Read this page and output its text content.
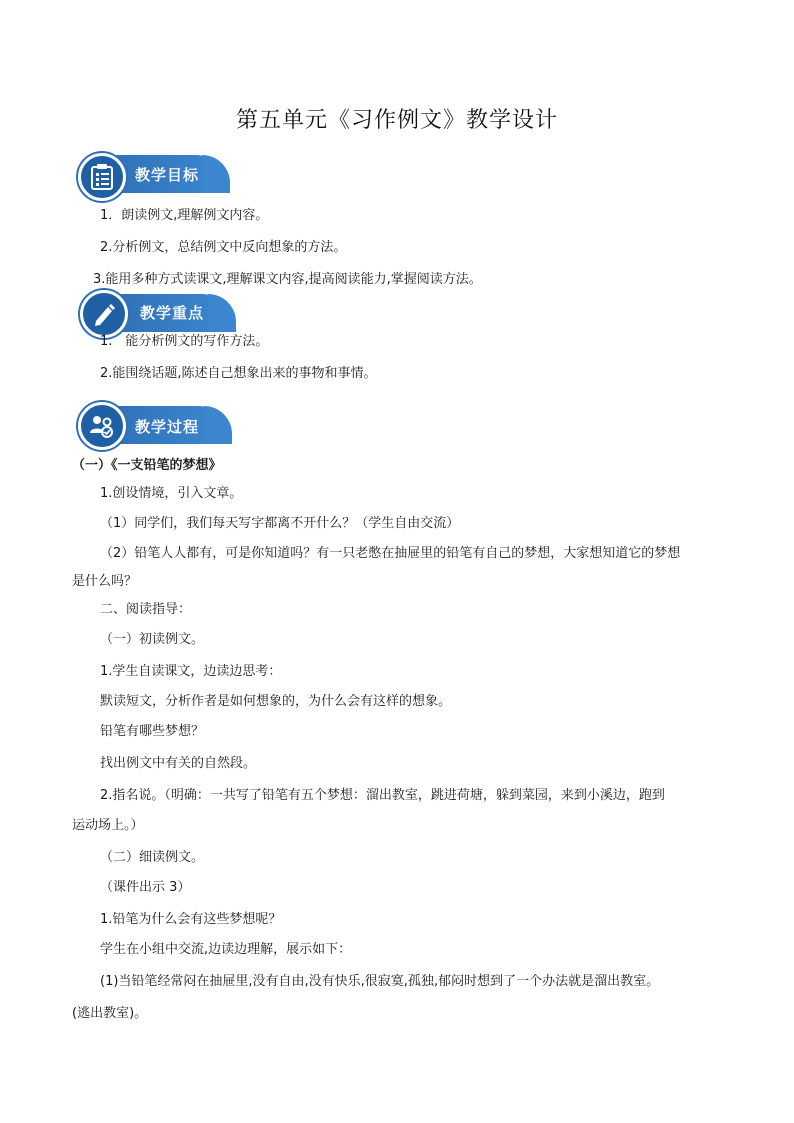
第五单元《习作例文》教学设计
教学目标
1．朗读例文,理解例文内容。
2.分析例文，总结例文中反向想象的方法。
3.能用多种方式读课文,理解课文内容,提高阅读能力,掌握阅读方法。
教学重点
1.　能分析例文的写作方法。
2.能围绕话题,陈述自己想象出来的事物和事情。
教学过程
（一）《一支铅笔的梦想》
1.创设情境，引入文章。
（1）同学们，我们每天写字都离不开什么？（学生自由交流）
（2）铅笔人人都有，可是你知道吗？有一只老憋在抽屉里的铅笔有自己的梦想，大家想知道它的梦想
是什么吗？
二、阅读指导：
（一）初读例文。
1.学生自读课文，边读边思考：
默读短文，分析作者是如何想象的，为什么会有这样的想象。
铅笔有哪些梦想？
找出例文中有关的自然段。
2.指名说。（明确：一共写了铅笔有五个梦想：溜出教室，跳进荷塘，躲到菜园，来到小溪边，跑到
运动场上。）
（二）细读例文。
（课件出示 3）
1.铅笔为什么会有这些梦想呢？
学生在小组中交流,边读边理解，展示如下：
(1)当铅笔经常闷在抽屉里,没有自由,没有快乐,很寂寞,孤独,郁闷时想到了一个办法就是溜出教室。
(逃出教室)。
